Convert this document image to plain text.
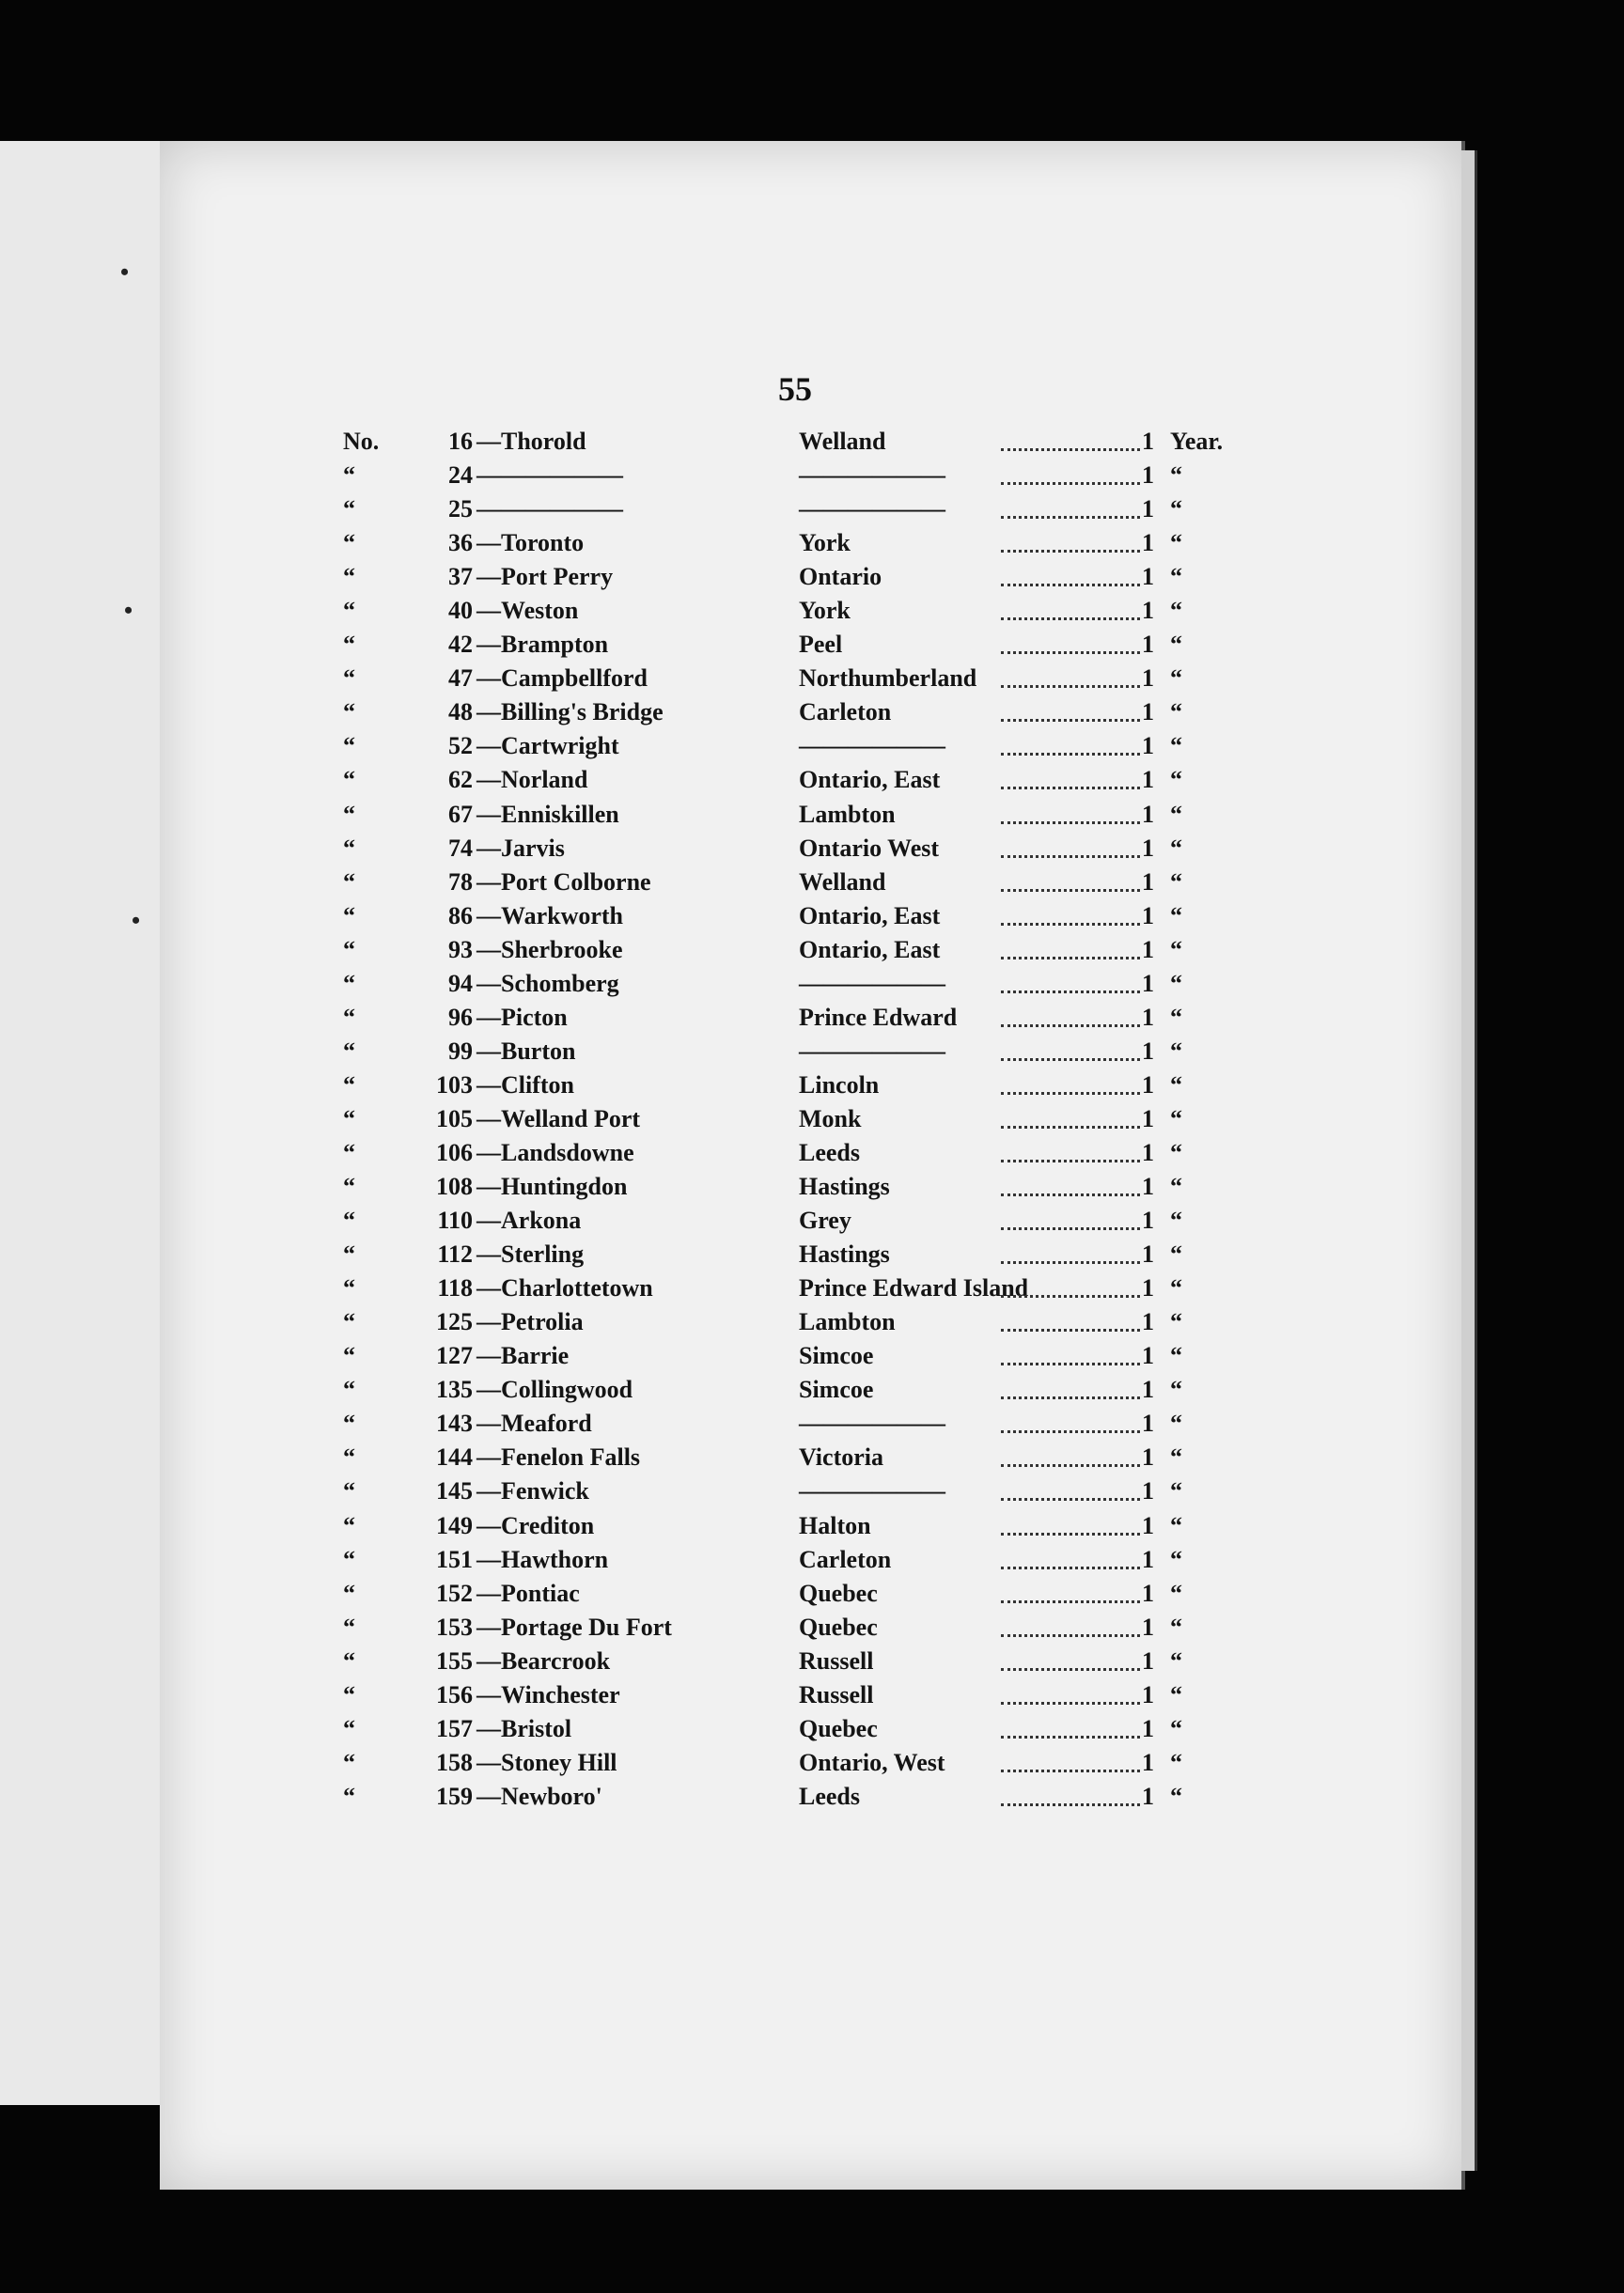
•
•
•
55
No.	16 —Thorold	Welland	1 Year.
“	24 ——————	——————	1 “
“	25 ——————	——————	1 “
“	36 —Toronto	York	1 “
“	37 —Port Perry	Ontario	1 “
“	40 —Weston	York	1 “
“	42 —Brampton	Peel	1 “
“	47 —Campbellford	Northumberland	1 “
“	48 —Billing's Bridge	Carleton	1 “
“	52 —Cartwright	——————	1 “
“	62 —Norland	Ontario, East	1 “
“	67 —Enniskillen	Lambton	1 “
“	74 —Jarvis	Ontario West	1 “
“	78 —Port Colborne	Welland	1 “
“	86 —Warkworth	Ontario, East	1 “
“	93 —Sherbrooke	Ontario, East	1 “
“	94 —Schomberg	——————	1 “
“	96 —Picton	Prince Edward	1 “
“	99 —Burton	——————	1 “
“	103 —Clifton	Lincoln	1 “
“	105 —Welland Port	Monk	1 “
“	106 —Landsdowne	Leeds	1 “
“	108 —Huntingdon	Hastings	1 “
“	110 —Arkona	Grey	1 “
“	112 —Sterling	Hastings	1 “
“	118 —Charlottetown	Prince Edward Island	1 “
“	125 —Petrolia	Lambton	1 “
“	127 —Barrie	Simcoe	1 “
“	135 —Collingwood	Simcoe	1 “
“	143 —Meaford	——————	1 “
“	144 —Fenelon Falls	Victoria	1 “
“	145 —Fenwick	——————	1 “
“	149 —Crediton	Halton	1 “
“	151 —Hawthorn	Carleton	1 “
“	152 —Pontiac	Quebec	1 “
“	153 —Portage Du Fort	Quebec	1 “
“	155 —Bearcrook	Russell	1 “
“	156 —Winchester	Russell	1 “
“	157 —Bristol	Quebec	1 “
“	158 —Stoney Hill	Ontario, West	1 “
“	159 —Newboro'	Leeds	1 “
